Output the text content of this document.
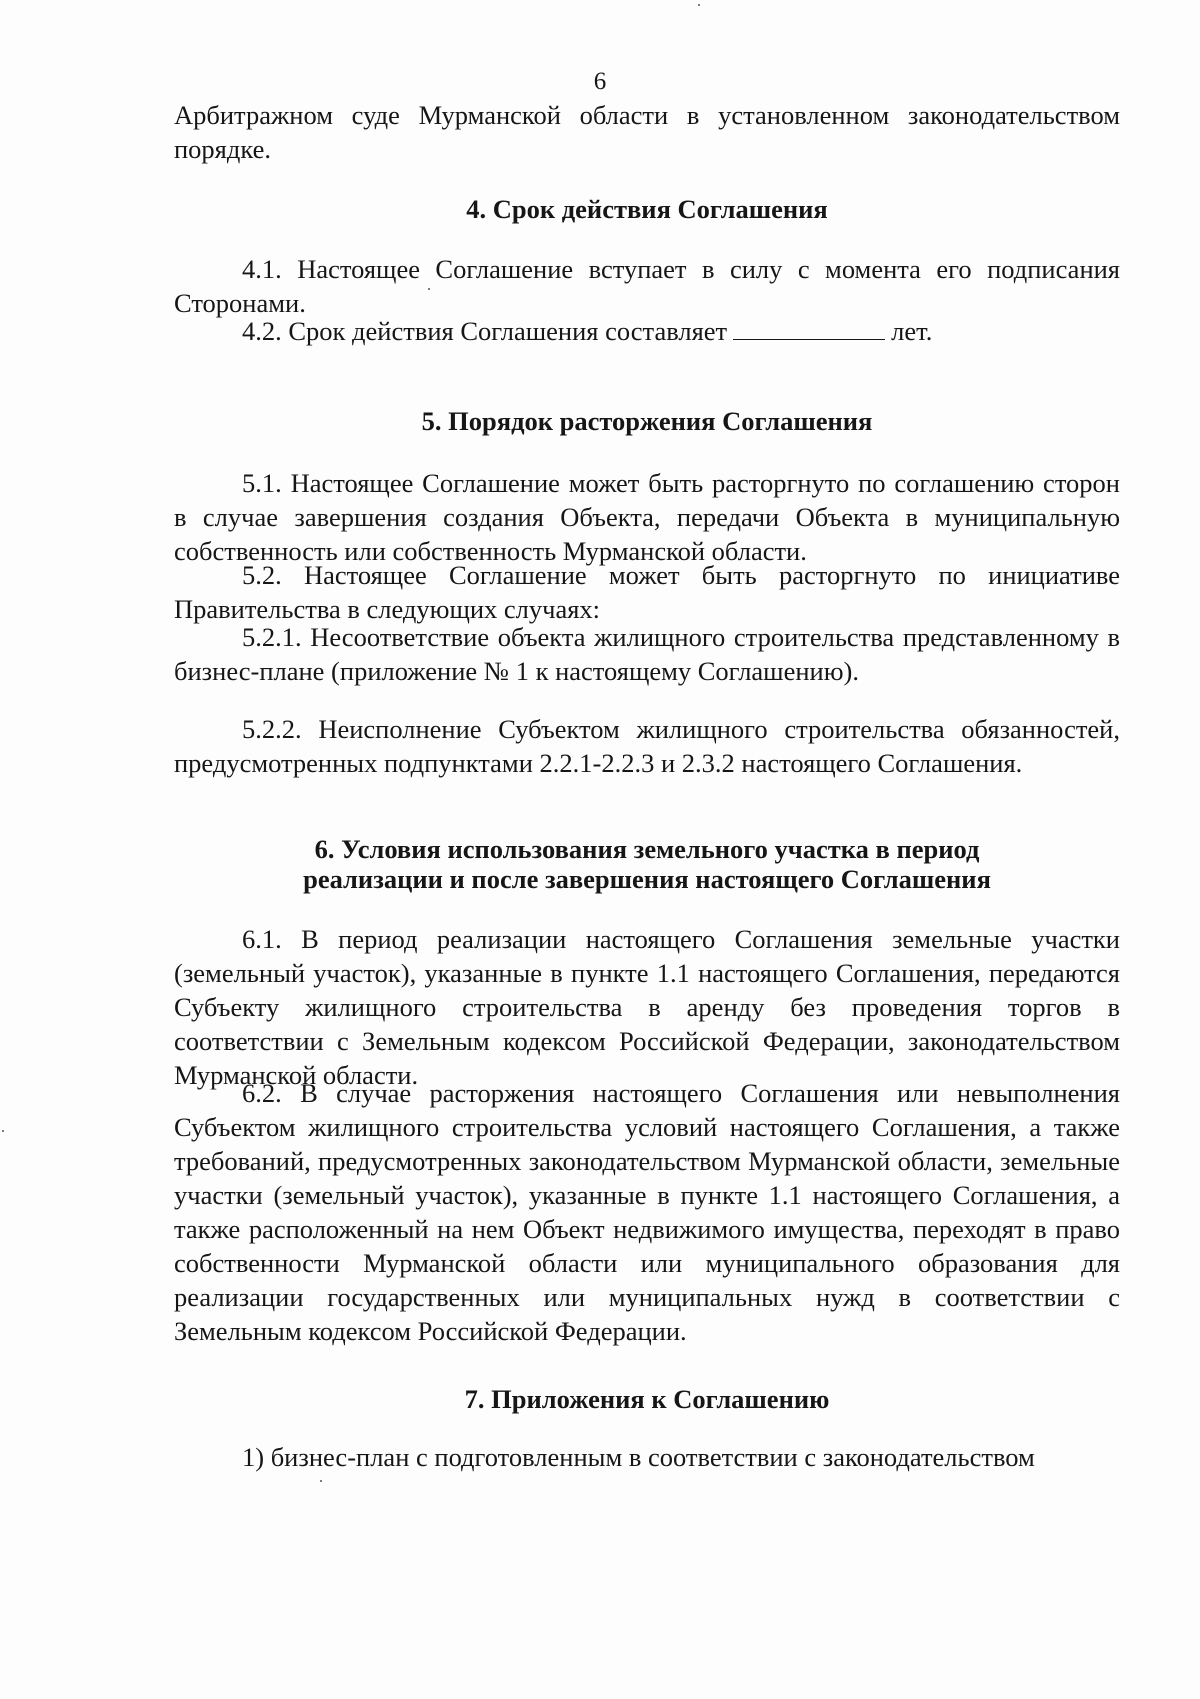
6

Арбитражном суде Мурманской области в установленном законодательством порядке.

4. Срок действия Соглашения

4.1. Настоящее Соглашение вступает в силу с момента его подписания Сторонами.

4.2. Срок действия Соглашения составляет	лет.

5. Порядок расторжения Соглашения

5.1. Настоящее Соглашение может быть расторгнуто по соглашению сторон в случае завершения создания Объекта, передачи Объекта в муниципальную собственность или собственность Мурманской области.

5.2. Настоящее Соглашение может быть расторгнуто по инициативе Правительства в следующих случаях:

5.2.1. Несоответствие объекта жилищного строительства представленному в бизнес-плане (приложение № 1 к настоящему Соглашению).

5.2.2. Неисполнение Субъектом жилищного строительства обязанностей, предусмотренных подпунктами 2.2.1-2.2.3 и 2.3.2 настоящего Соглашения.

6. Условия использования земельного участка в период

реализации и после завершения настоящего Соглашения

6.1. В период реализации настоящего Соглашения земельные участки (земельный участок), указанные в пункте 1.1 настоящего Соглашения, передаются Субъекту жилищного строительства в аренду без проведения торгов в соответствии с Земельным кодексом Российской Федерации, законодательством Мурманской области.

6.2. В случае расторжения настоящего Соглашения или невыполнения Субъектом жилищного строительства условий настоящего Соглашения, а также требований, предусмотренных законодательством Мурманской области, земельные участки (земельный участок), указанные в пункте 1.1 настоящего Соглашения, а также расположенный на нем Объект недвижимого имущества, переходят в право собственности Мурманской области или муниципального образования для реализации государственных или муниципальных нужд в соответствии с Земельным кодексом Российской Федерации.

7. Приложения к Соглашению

1) бизнес-план с подготовленным в соответствии с законодательством
